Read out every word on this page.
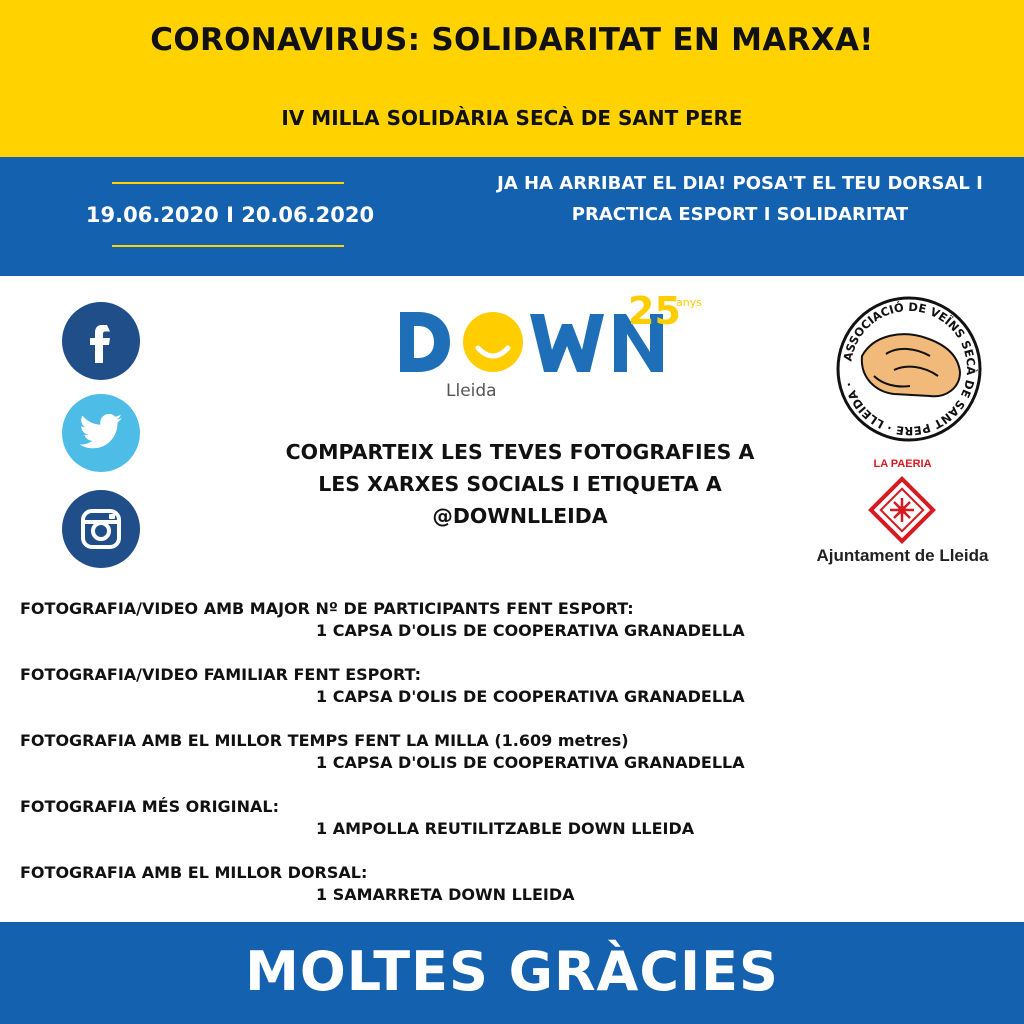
CORONAVIRUS: SOLIDARITAT EN MARXA!
IV MILLA SOLIDÀRIA SECÀ DE SANT PERE
19.06.2020 I 20.06.2020
JA HA ARRIBAT EL DIA! POSA'T EL TEU DORSAL I PRACTICA ESPORT I SOLIDARITAT
25
anys
Lleida
ASSOCIACIÓ DE VEÏNS SECÀ DE SANT PERE · LLEIDA ·
LA PAERIA
Ajuntament de Lleida
COMPARTEIX LES TEVES FOTOGRAFIES A LES XARXES SOCIALS I ETIQUETA A @DOWNLLEIDA
FOTOGRAFIA/VIDEO AMB MAJOR Nº DE PARTICIPANTS FENT ESPORT:
1 CAPSA D'OLIS DE COOPERATIVA GRANADELLA
FOTOGRAFIA/VIDEO FAMILIAR FENT ESPORT:
1 CAPSA D'OLIS DE COOPERATIVA GRANADELLA
FOTOGRAFIA AMB EL MILLOR TEMPS FENT LA MILLA (1.609 metres)
1 CAPSA D'OLIS DE COOPERATIVA GRANADELLA
FOTOGRAFIA MÉS ORIGINAL:
1 AMPOLLA REUTILITZABLE DOWN LLEIDA
FOTOGRAFIA AMB EL MILLOR DORSAL:
1 SAMARRETA DOWN LLEIDA
MOLTES GRÀCIES
